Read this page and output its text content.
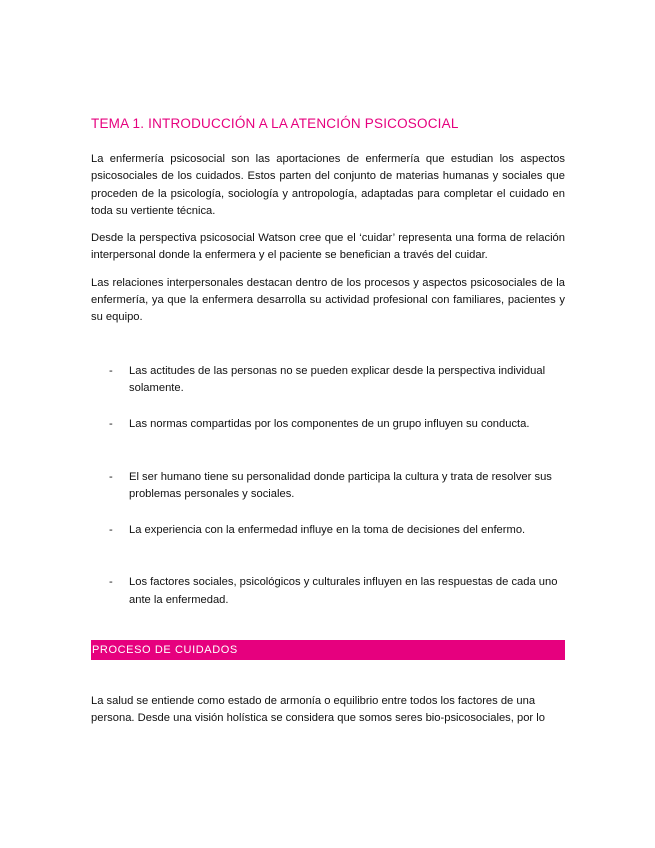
TEMA 1. INTRODUCCIÓN A LA ATENCIÓN PSICOSOCIAL

La enfermería psicosocial son las aportaciones de enfermería que estudian los aspectos psicosociales de los cuidados. Estos parten del conjunto de materias humanas y sociales que proceden de la psicología, sociología y antropología, adaptadas para completar el cuidado en toda su vertiente técnica.

Desde la perspectiva psicosocial Watson cree que el ‘cuidar’ representa una forma de relación interpersonal donde la enfermera y el paciente se benefician a través del cuidar.

Las relaciones interpersonales destacan dentro de los procesos y aspectos psicosociales de la enfermería, ya que la enfermera desarrolla su actividad profesional con familiares, pacientes y su equipo.

- Las actitudes de las personas no se pueden explicar desde la perspectiva individual solamente.
- Las normas compartidas por los componentes de un grupo influyen su conducta.
- El ser humano tiene su personalidad donde participa la cultura y trata de resolver sus problemas personales y sociales.
- La experiencia con la enfermedad influye en la toma de decisiones del enfermo.
- Los factores sociales, psicológicos y culturales influyen en las respuestas de cada uno ante la enfermedad.
PROCESO DE CUIDADOS

La salud se entiende como estado de armonía o equilibrio entre todos los factores de una persona. Desde una visión holística se considera que somos seres bio-psicosociales, por lo
